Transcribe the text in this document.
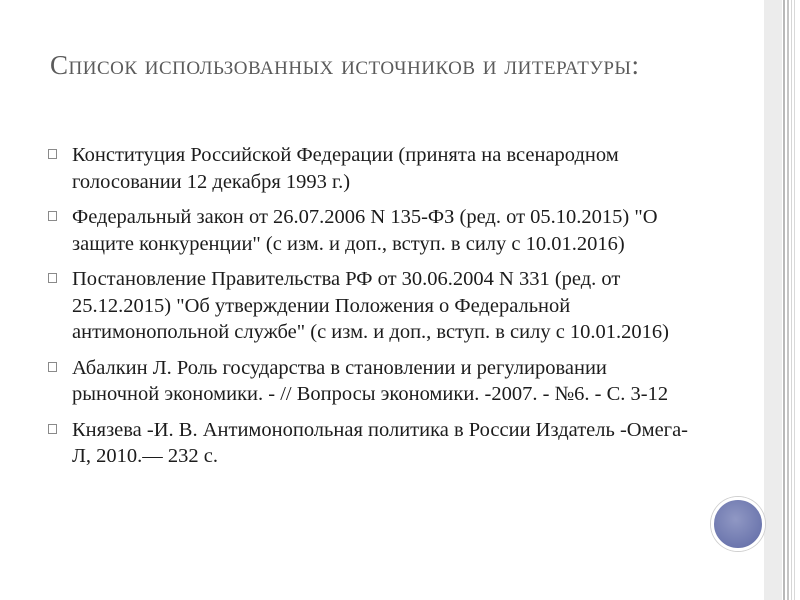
Список использованных источников и литературы:
Конституция Российской Федерации (принята на всенародном голосовании 12 декабря 1993 г.)
Федеральный закон от 26.07.2006 N 135-ФЗ (ред. от 05.10.2015) "О защите конкуренции" (с изм. и доп., вступ. в силу с 10.01.2016)
Постановление Правительства РФ от 30.06.2004 N 331 (ред. от 25.12.2015) "Об утверждении Положения о Федеральной антимонопольной службе" (с изм. и доп., вступ. в силу с 10.01.2016)
Абалкин Л. Роль государства в становлении и регулировании рыночной экономики. - // Вопросы экономики. -2007. - №6. - С. 3-12
Князева -И. В. Антимонопольная политика в России Издатель -Омега-Л, 2010.— 232 с.
